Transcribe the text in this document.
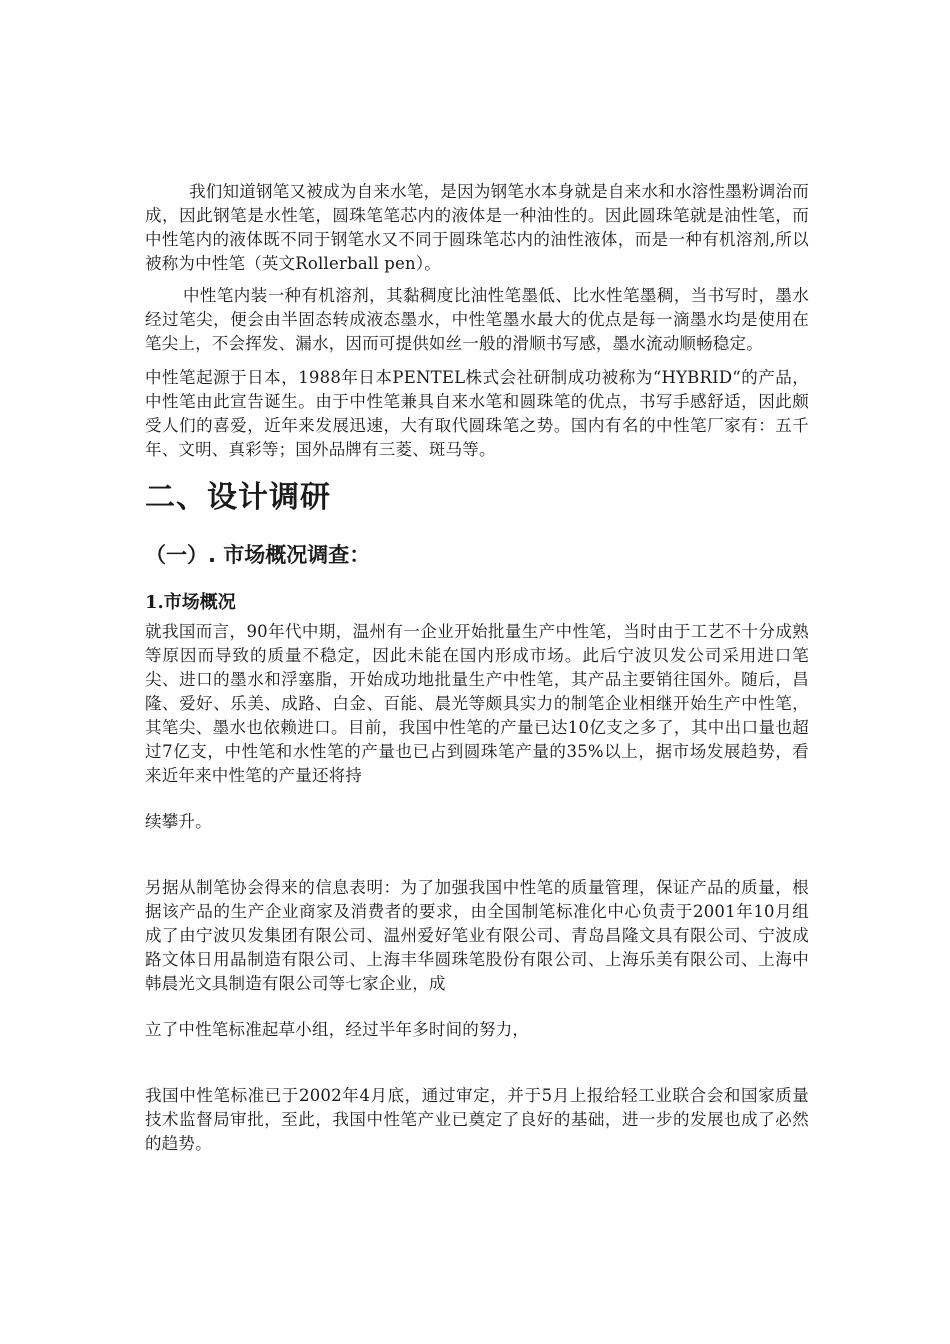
我们知道钢笔又被成为自来水笔，是因为钢笔水本身就是自来水和水溶性墨粉调治而成，因此钢笔是水性笔，圆珠笔笔芯内的液体是一种油性的。因此圆珠笔就是油性笔，而中性笔内的液体既不同于钢笔水又不同于圆珠笔芯内的油性液体，而是一种有机溶剂,所以被称为中性笔（英文Rollerball pen）。

中性笔内装一种有机溶剂，其黏稠度比油性笔墨低、比水性笔墨稠，当书写时，墨水经过笔尖，便会由半固态转成液态墨水，中性笔墨水最大的优点是每一滴墨水均是使用在笔尖上，不会挥发、漏水，因而可提供如丝一般的滑顺书写感，墨水流动顺畅稳定。

中性笔起源于日本，1988年日本PENTEL株式会社研制成功被称为“HYBRID“的产品，中性笔由此宣告诞生。由于中性笔兼具自来水笔和圆珠笔的优点，书写手感舒适，因此颇受人们的喜爱，近年来发展迅速，大有取代圆珠笔之势。国内有名的中性笔厂家有：五千年、文明、真彩等；国外品牌有三菱、斑马等。

二、设计调研
（一）. 市场概况调查：
1.市场概况

就我国而言，90年代中期，温州有一企业开始批量生产中性笔，当时由于工艺不十分成熟等原因而导致的质量不稳定，因此未能在国内形成市场。此后宁波贝发公司采用进口笔尖、进口的墨水和浮塞脂，开始成功地批量生产中性笔，其产品主要销往国外。随后，昌隆、爱好、乐美、成路、白金、百能、晨光等颇具实力的制笔企业相继开始生产中性笔，其笔尖、墨水也依赖进口。目前，我国中性笔的产量已达10亿支之多了，其中出口量也超过7亿支，中性笔和水性笔的产量也已占到圆珠笔产量的35%以上，据市场发展趋势，看来近年来中性笔的产量还将持

续攀升。

另据从制笔协会得来的信息表明：为了加强我国中性笔的质量管理，保证产品的质量，根据该产品的生产企业商家及消费者的要求，由全国制笔标准化中心负责于2001年10月组成了由宁波贝发集团有限公司、温州爱好笔业有限公司、青岛昌隆文具有限公司、宁波成路文体日用晶制造有限公司、上海丰华圆珠笔股份有限公司、上海乐美有限公司、上海中韩晨光文具制造有限公司等七家企业，成

立了中性笔标准起草小组，经过半年多时间的努力，

我国中性笔标准已于2002年4月底，通过审定，并于5月上报给轻工业联合会和国家质量技术监督局审批，至此，我国中性笔产业已奠定了良好的基础，进一步的发展也成了必然的趋势。
